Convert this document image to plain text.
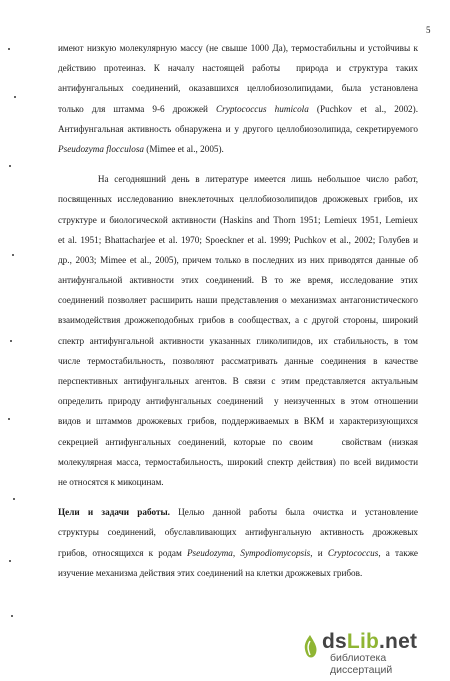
5
имеют низкую молекулярную массу (не свыше 1000 Да), термостабильны и устойчивы к
действию протеиназ. К началу настоящей работы  природа и структура таких
антифунгальных соединений, оказавшихся целлобиозолипидами, была установлена
только для штамма 9-6 дрожжей Cryptococcus humicola (Puchkov et al., 2002).
Антифунгальная активность обнаружена и у другого целлобиозолипида, секретируемого
Pseudozyma flocculosa (Mimee et al., 2005).
На сегодняшний день в литературе имеется лишь небольшое число работ,
посвященных исследованию внеклеточных целлобиозолипидов дрожжевых грибов, их
структуре и биологической активности (Haskins and Thorn 1951; Lemieux 1951, Lemieux
et al. 1951; Bhattacharjee et al. 1970; Spoeckner et al. 1999; Puchkov et al., 2002; Голубев и
др., 2003; Mimee et al., 2005), причем только в последних из них приводятся данные об
антифунгальной активности этих соединений. В то же время, исследование этих
соединений позволяет расширить наши представления о механизмах антагонистического
взаимодействия дрожжеподобных грибов в сообществах, а с другой стороны, широкий
спектр антифунгальной активности указанных гликолипидов, их стабильность, в том
числе термостабильность, позволяют рассматривать данные соединения в качестве
перспективных антифунгальных агентов. В связи с этим представляется актуальным
определить природу антифунгальных соединений  у неизученных в этом отношении
видов и штаммов дрожжевых грибов, поддерживаемых в ВКМ и характеризующихся
секрецией антифунгальных соединений, которые по своим    свойствам (низкая
молекулярная масса, термостабильность, широкий спектр действия) по всей видимости
не относятся к микоцинам.
Цели и задачи работы. Целью данной работы была очистка и установление
структуры соединений, обуславливающих антифунгальную активность дрожжевых
грибов, относящихся к родам Pseudozyma, Sympodiomycopsis, и Cryptococcus, а также
изучение механизма действия этих соединений на клетки дрожжевых грибов.
dsLib.net
библиотека диссертаций
